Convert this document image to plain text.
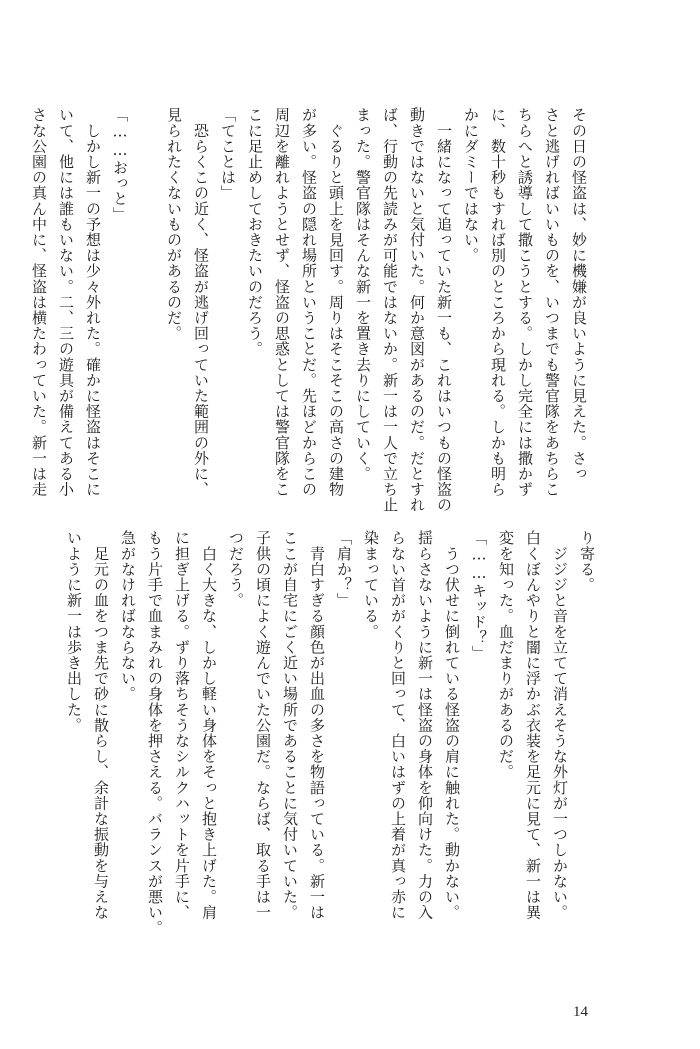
その日の怪盗は、妙に機嫌が良いように見えた。さっ

さと逃げればいいものを、いつまでも警官隊をあちらこ

ちらへと誘導して撒こうとする。しかし完全には撒かず

に、数十秒もすれば別のところから現れる。しかも明ら

かにダミーではない。

　一緒になって追っていた新一も、これはいつもの怪盗の

動きではないと気付いた。何か意図があるのだ。だとすれ

ば、行動の先読みが可能ではないか。新一は一人で立ち止

まった。警官隊はそんな新一を置き去りにしていく。

　ぐるりと頭上を見回す。周りはそこそこの高さの建物

が多い。怪盗の隠れ場所ということだ。先ほどからこの

周辺を離れようとせず、怪盗の思惑としては警官隊をこ

こに足止めしておきたいのだろう。

「てことは」

　恐らくこの近く、怪盗が逃げ回っていた範囲の外に、

見られたくないものがあるのだ。

「……おっと」

　しかし新一の予想は少々外れた。確かに怪盗はそこに

いて、他には誰もいない。二、三の遊具が備えてある小

さな公園の真ん中に、怪盗は横たわっていた。新一は走

り寄る。

　ジジジと音を立てて消えそうな外灯が一つしかない。

白くぼんやりと闇に浮かぶ衣装を足元に見て、新一は異

変を知った。血だまりがあるのだ。

「……キッド？」

　うつ伏せに倒れている怪盗の肩に触れた。動かない。

揺らさないように新一は怪盗の身体を仰向けた。力の入

らない首ががくりと回って、白いはずの上着が真っ赤に

染まっている。

「肩か？」

　青白すぎる顔色が出血の多さを物語っている。新一は

ここが自宅にごく近い場所であることに気付いていた。

子供の頃によく遊んでいた公園だ。ならば、取る手は一

つだろう。

　白く大きな、しかし軽い身体をそっと抱き上げた。肩

に担ぎ上げる。ずり落ちそうなシルクハットを片手に、

もう片手で血まみれの身体を押さえる。バランスが悪い。

急がなければならない。

　足元の血をつま先で砂に散らし、余計な振動を与えな

いように新一は歩き出した。

14
